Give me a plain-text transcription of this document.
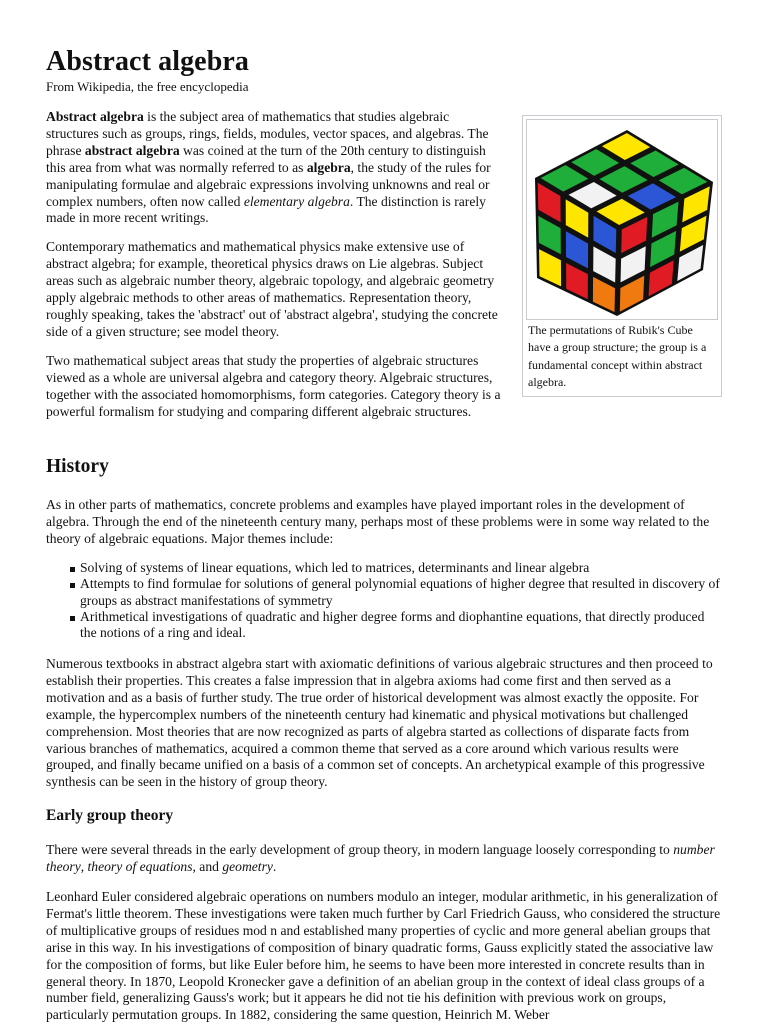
Abstract algebra
From Wikipedia, the free encyclopedia

Abstract algebra is the subject area of mathematics that studies algebraic structures such as groups, rings, fields, modules, vector spaces, and algebras. The phrase abstract algebra was coined at the turn of the 20th century to distinguish this area from what was normally referred to as algebra, the study of the rules for manipulating formulae and algebraic expressions involving unknowns and real or complex numbers, often now called elementary algebra. The distinction is rarely made in more recent writings.

Contemporary mathematics and mathematical physics make extensive use of abstract algebra; for example, theoretical physics draws on Lie algebras. Subject areas such as algebraic number theory, algebraic topology, and algebraic geometry apply algebraic methods to other areas of mathematics. Representation theory, roughly speaking, takes the 'abstract' out of 'abstract algebra', studying the concrete side of a given structure; see model theory.

Two mathematical subject areas that study the properties of algebraic structures viewed as a whole are universal algebra and category theory. Algebraic structures, together with the associated homomorphisms, form categories. Category theory is a powerful formalism for studying and comparing different algebraic structures.

The permutations of Rubik's Cube have a group structure; the group is a fundamental concept within abstract algebra.
History

As in other parts of mathematics, concrete problems and examples have played important roles in the development of algebra. Through the end of the nineteenth century many, perhaps most of these problems were in some way related to the theory of algebraic equations. Major themes include:

Solving of systems of linear equations, which led to matrices, determinants and linear algebra
Attempts to find formulae for solutions of general polynomial equations of higher degree that resulted in discovery of groups as abstract manifestations of symmetry
Arithmetical investigations of quadratic and higher degree forms and diophantine equations, that directly produced the notions of a ring and ideal.

Numerous textbooks in abstract algebra start with axiomatic definitions of various algebraic structures and then proceed to establish their properties. This creates a false impression that in algebra axioms had come first and then served as a motivation and as a basis of further study. The true order of historical development was almost exactly the opposite. For example, the hypercomplex numbers of the nineteenth century had kinematic and physical motivations but challenged comprehension. Most theories that are now recognized as parts of algebra started as collections of disparate facts from various branches of mathematics, acquired a common theme that served as a core around which various results were grouped, and finally became unified on a basis of a common set of concepts. An archetypical example of this progressive synthesis can be seen in the history of group theory.

Early group theory

There were several threads in the early development of group theory, in modern language loosely corresponding to number theory, theory of equations, and geometry.

Leonhard Euler considered algebraic operations on numbers modulo an integer, modular arithmetic, in his generalization of Fermat's little theorem. These investigations were taken much further by Carl Friedrich Gauss, who considered the structure of multiplicative groups of residues mod n and established many properties of cyclic and more general abelian groups that arise in this way. In his investigations of composition of binary quadratic forms, Gauss explicitly stated the associative law for the composition of forms, but like Euler before him, he seems to have been more interested in concrete results than in general theory. In 1870, Leopold Kronecker gave a definition of an abelian group in the context of ideal class groups of a number field, generalizing Gauss's work; but it appears he did not tie his definition with previous work on groups, particularly permutation groups. In 1882, considering the same question, Heinrich M. Weber
